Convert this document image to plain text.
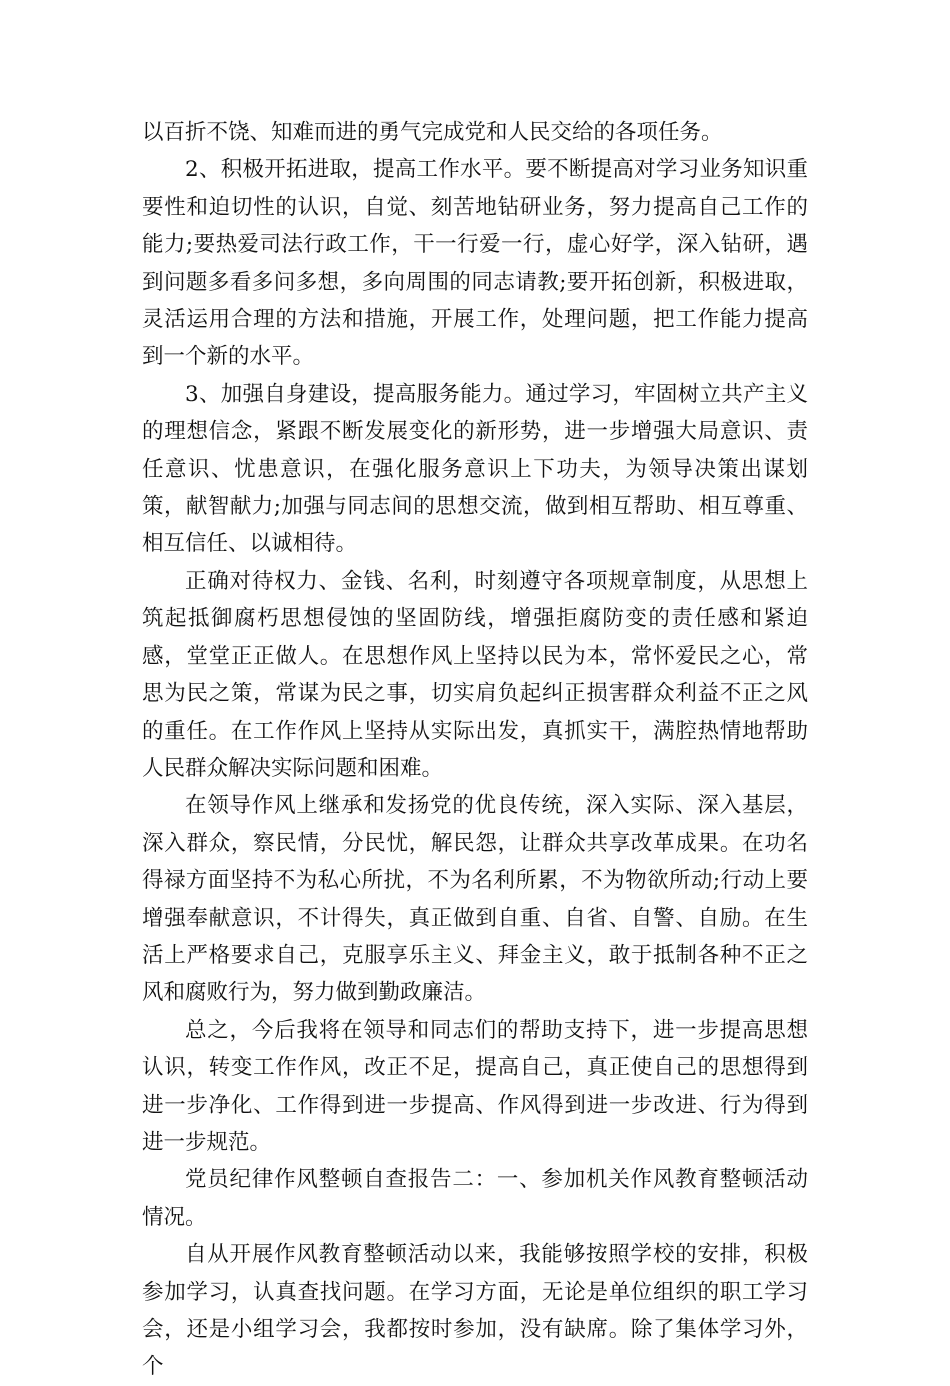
以百折不饶、知难而进的勇气完成党和人民交给的各项任务。

2、积极开拓进取，提高工作水平。要不断提高对学习业务知识重要性和迫切性的认识，自觉、刻苦地钻研业务，努力提高自己工作的能力;要热爱司法行政工作，干一行爱一行，虚心好学，深入钻研，遇到问题多看多问多想，多向周围的同志请教;要开拓创新，积极进取，灵活运用合理的方法和措施，开展工作，处理问题，把工作能力提高到一个新的水平。

3、加强自身建设，提高服务能力。通过学习，牢固树立共产主义的理想信念，紧跟不断发展变化的新形势，进一步增强大局意识、责任意识、忧患意识，在强化服务意识上下功夫，为领导决策出谋划策，献智献力;加强与同志间的思想交流，做到相互帮助、相互尊重、相互信任、以诚相待。

正确对待权力、金钱、名利，时刻遵守各项规章制度，从思想上筑起抵御腐朽思想侵蚀的坚固防线，增强拒腐防变的责任感和紧迫感，堂堂正正做人。在思想作风上坚持以民为本，常怀爱民之心，常思为民之策，常谋为民之事，切实肩负起纠正损害群众利益不正之风的重任。在工作作风上坚持从实际出发，真抓实干，满腔热情地帮助人民群众解决实际问题和困难。

在领导作风上继承和发扬党的优良传统，深入实际、深入基层，深入群众，察民情，分民忧，解民怨，让群众共享改革成果。在功名得禄方面坚持不为私心所扰，不为名利所累，不为物欲所动;行动上要增强奉献意识，不计得失，真正做到自重、自省、自警、自励。在生活上严格要求自己，克服享乐主义、拜金主义，敢于抵制各种不正之风和腐败行为，努力做到勤政廉洁。

总之，今后我将在领导和同志们的帮助支持下，进一步提高思想认识，转变工作作风，改正不足，提高自己，真正使自己的思想得到进一步净化、工作得到进一步提高、作风得到进一步改进、行为得到进一步规范。

党员纪律作风整顿自查报告二：一、参加机关作风教育整顿活动情况。

自从开展作风教育整顿活动以来，我能够按照学校的安排，积极参加学习，认真查找问题。在学习方面，无论是单位组织的职工学习会，还是小组学习会，我都按时参加，没有缺席。除了集体学习外，个
